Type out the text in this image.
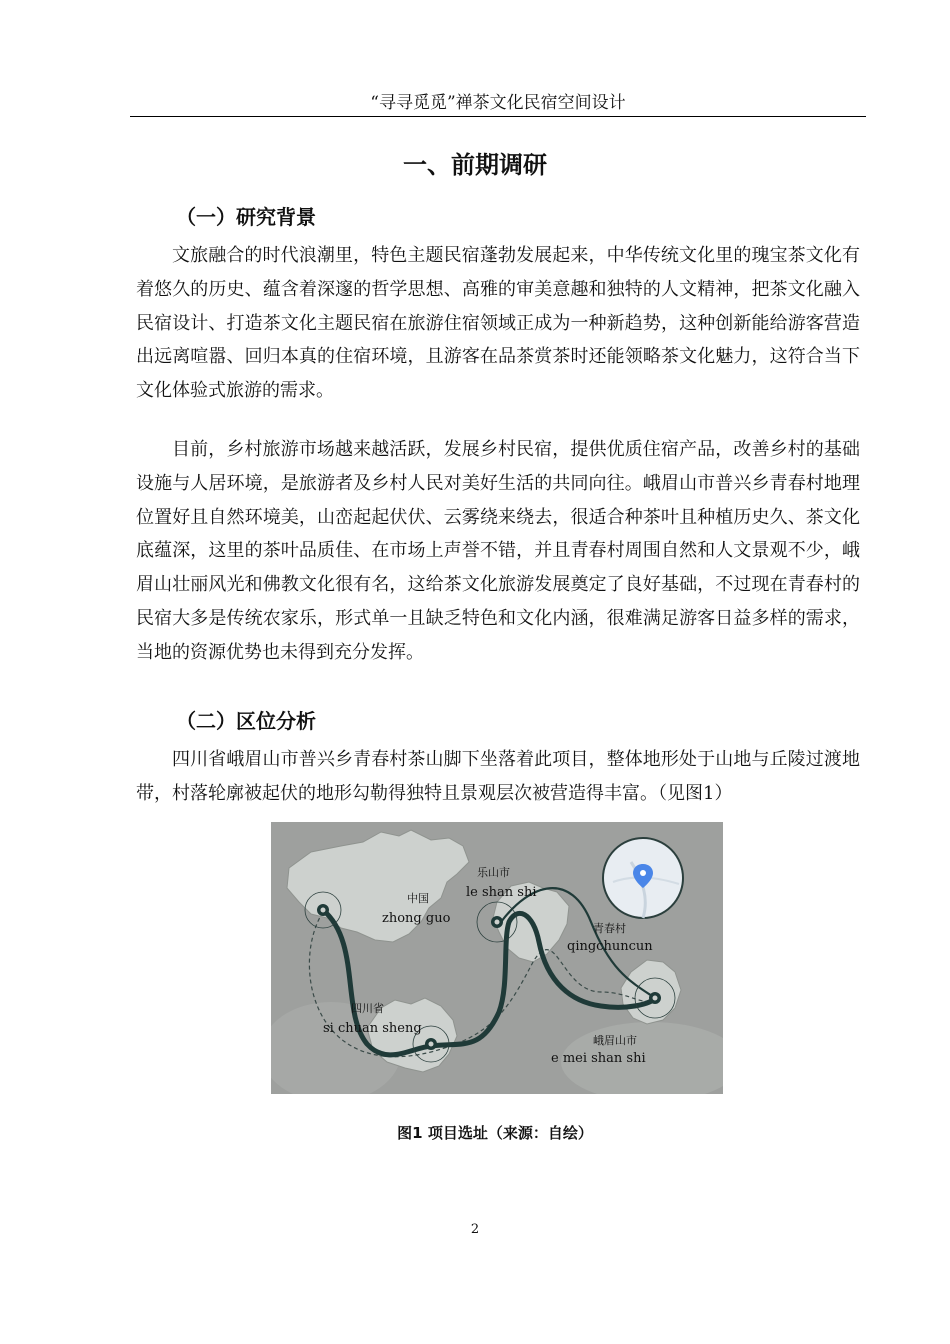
“寻寻觅觅”禅茶文化民宿空间设计
一、前期调研
（一）研究背景
文旅融合的时代浪潮里，特色主题民宿蓬勃发展起来，中华传统文化里的瑰宝茶文化有着悠久的历史、蕴含着深邃的哲学思想、高雅的审美意趣和独特的人文精神，把茶文化融入民宿设计、打造茶文化主题民宿在旅游住宿领域正成为一种新趋势，这种创新能给游客营造出远离喧嚣、回归本真的住宿环境，且游客在品茶赏茶时还能领略茶文化魅力，这符合当下文化体验式旅游的需求。
目前，乡村旅游市场越来越活跃，发展乡村民宿，提供优质住宿产品，改善乡村的基础设施与人居环境，是旅游者及乡村人民对美好生活的共同向往。峨眉山市普兴乡青春村地理位置好且自然环境美，山峦起起伏伏、云雾绕来绕去，很适合种茶叶且种植历史久、茶文化底蕴深，这里的茶叶品质佳、在市场上声誉不错，并且青春村周围自然和人文景观不少，峨眉山壮丽风光和佛教文化很有名，这给茶文化旅游发展奠定了良好基础，不过现在青春村的民宿大多是传统农家乐，形式单一且缺乏特色和文化内涵，很难满足游客日益多样的需求，当地的资源优势也未得到充分发挥。
（二）区位分析
四川省峨眉山市普兴乡青春村茶山脚下坐落着此项目，整体地形处于山地与丘陵过渡地带，村落轮廓被起伏的地形勾勒得独特且景观层次被营造得丰富。（见图1）
中国
zhong guo
乐山市
le shan shi
青春村
qingchuncun
四川省
si chuan sheng
峨眉山市
e mei shan shi
图1 项目选址（来源：自绘）
2
